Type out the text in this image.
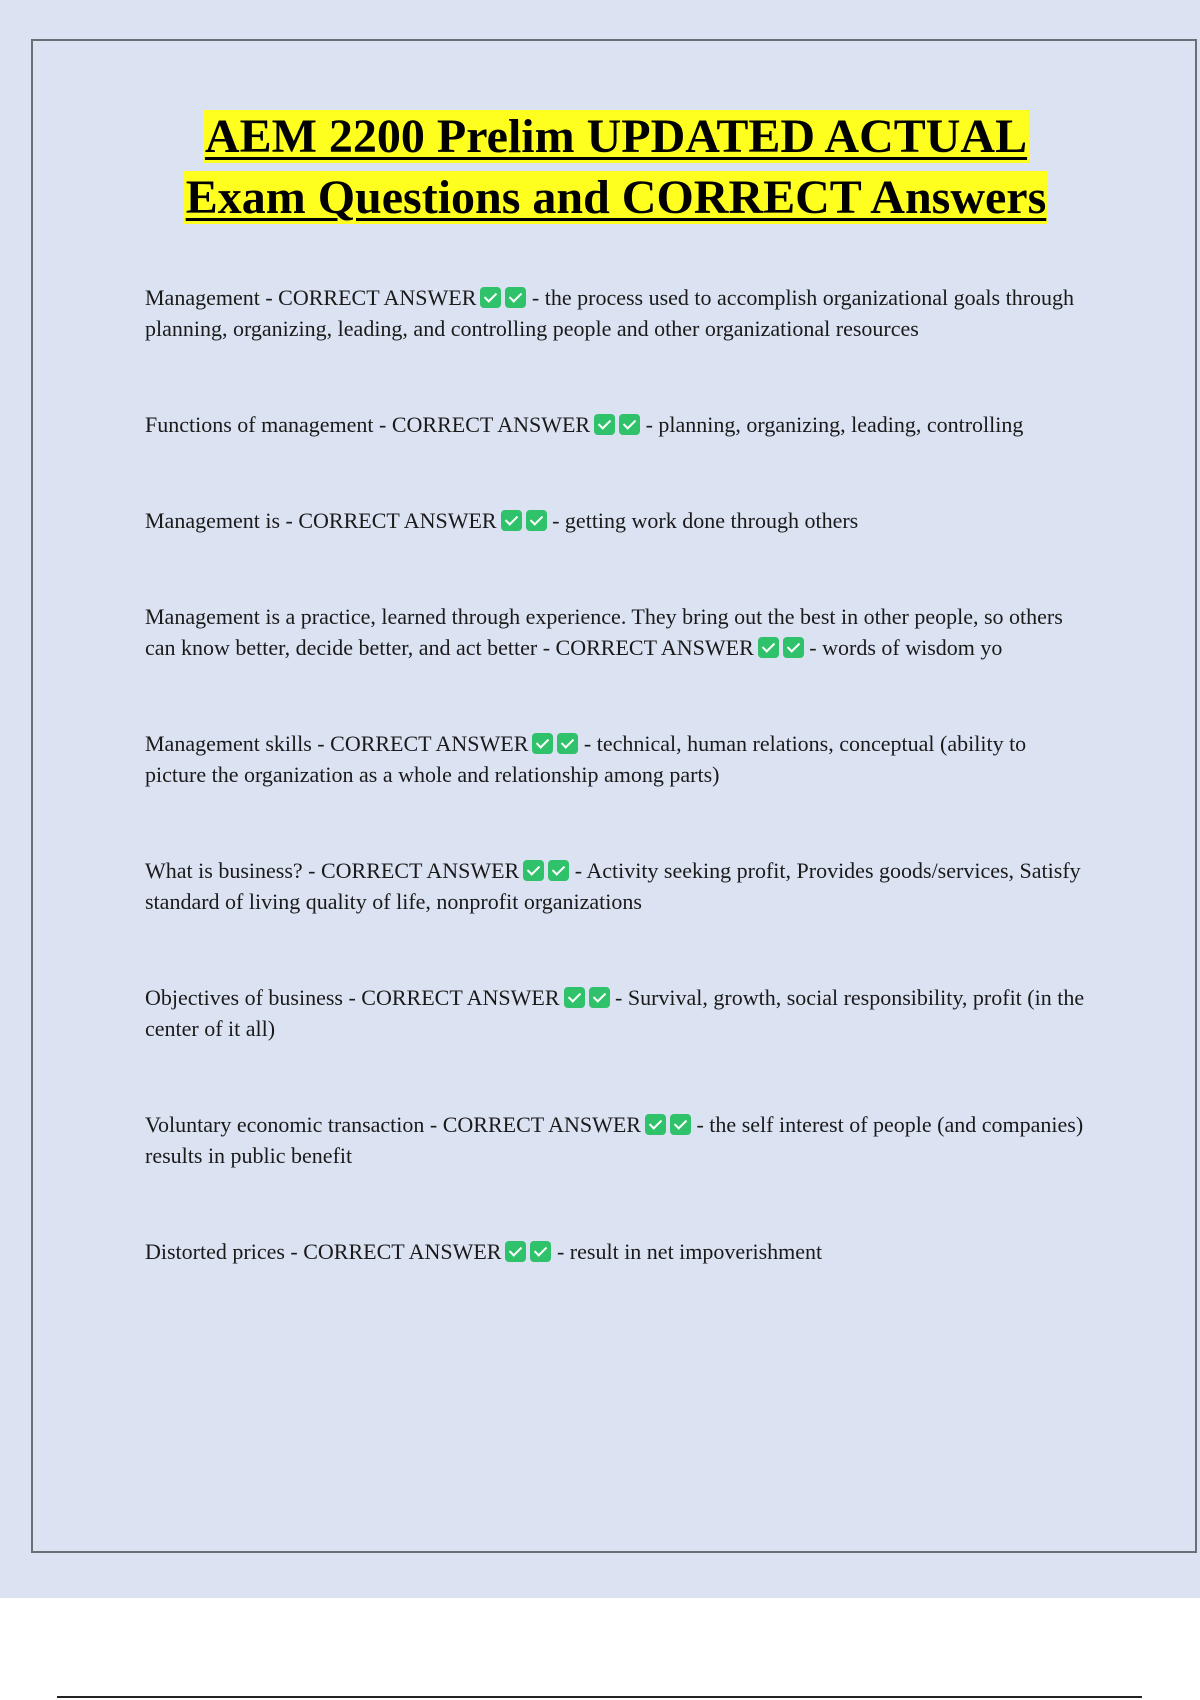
AEM 2200 Prelim UPDATED ACTUAL
Exam Questions and CORRECT Answers

Management - CORRECT ANSWER - the process used to accomplish organizational goals through planning, organizing, leading, and controlling people and other organizational resources

Functions of management - CORRECT ANSWER - planning, organizing, leading, controlling

Management is - CORRECT ANSWER - getting work done through others

Management is a practice, learned through experience. They bring out the best in other people, so others can know better, decide better, and act better - CORRECT ANSWER - words of wisdom yo

Management skills - CORRECT ANSWER - technical, human relations, conceptual (ability to picture the organization as a whole and relationship among parts)

What is business? - CORRECT ANSWER - Activity seeking profit, Provides goods/services, Satisfy standard of living quality of life, nonprofit organizations

Objectives of business - CORRECT ANSWER - Survival, growth, social responsibility, profit (in the center of it all)

Voluntary economic transaction - CORRECT ANSWER - the self interest of people (and companies) results in public benefit

Distorted prices - CORRECT ANSWER - result in net impoverishment
